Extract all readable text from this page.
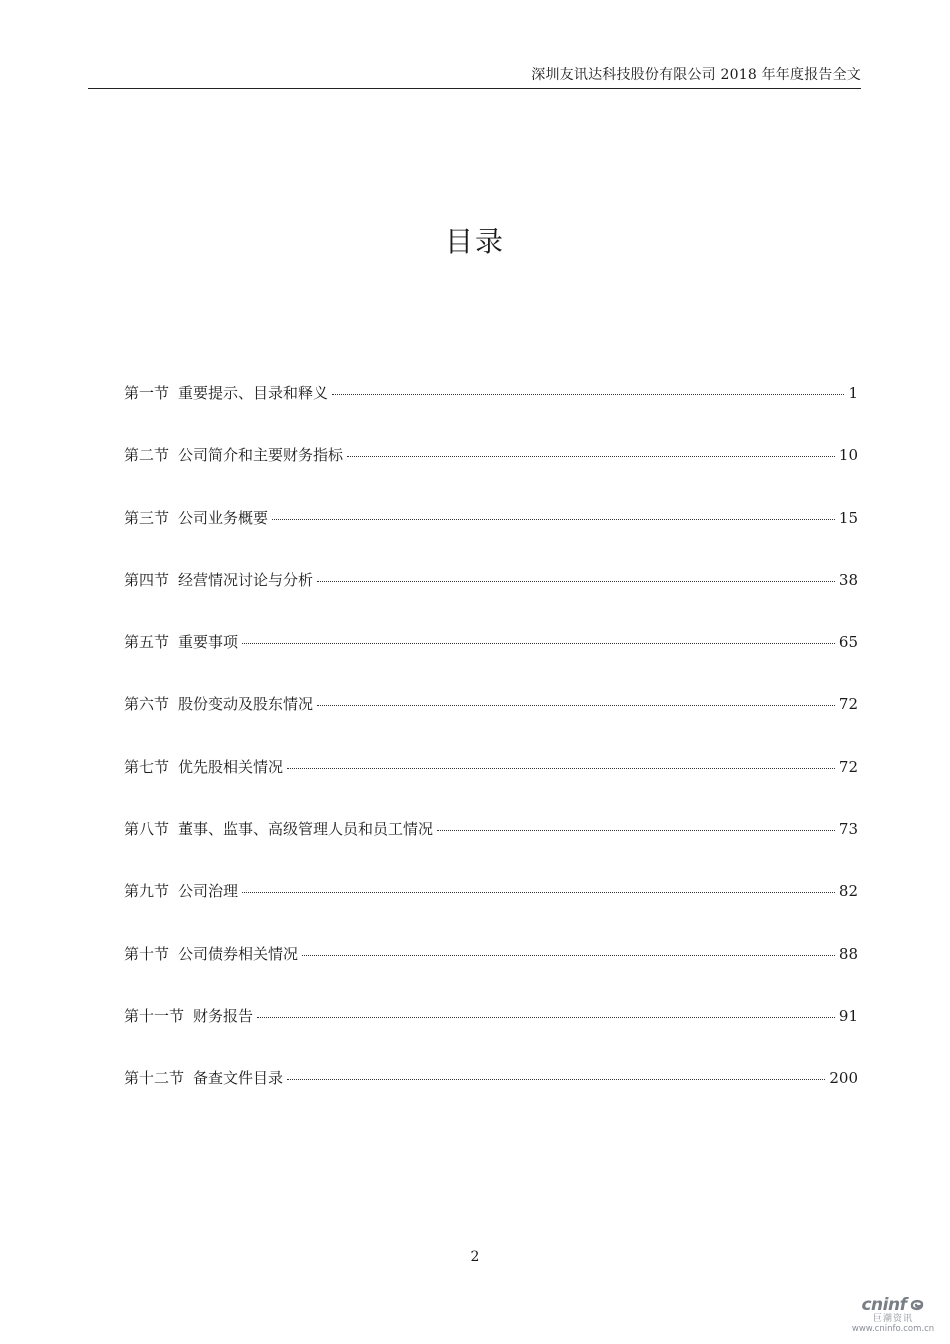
深圳友讯达科技股份有限公司 2018 年年度报告全文
目录
第一节 重要提示、目录和释义	1
第二节 公司简介和主要财务指标	10
第三节 公司业务概要	15
第四节 经营情况讨论与分析	38
第五节 重要事项	65
第六节 股份变动及股东情况	72
第七节 优先股相关情况	72
第八节 董事、监事、高级管理人员和员工情况	73
第九节 公司治理	82
第十节 公司债券相关情况	88
第十一节 财务报告	91
第十二节 备查文件目录	200
2
cninf
巨潮资讯
www.cninfo.com.cn
